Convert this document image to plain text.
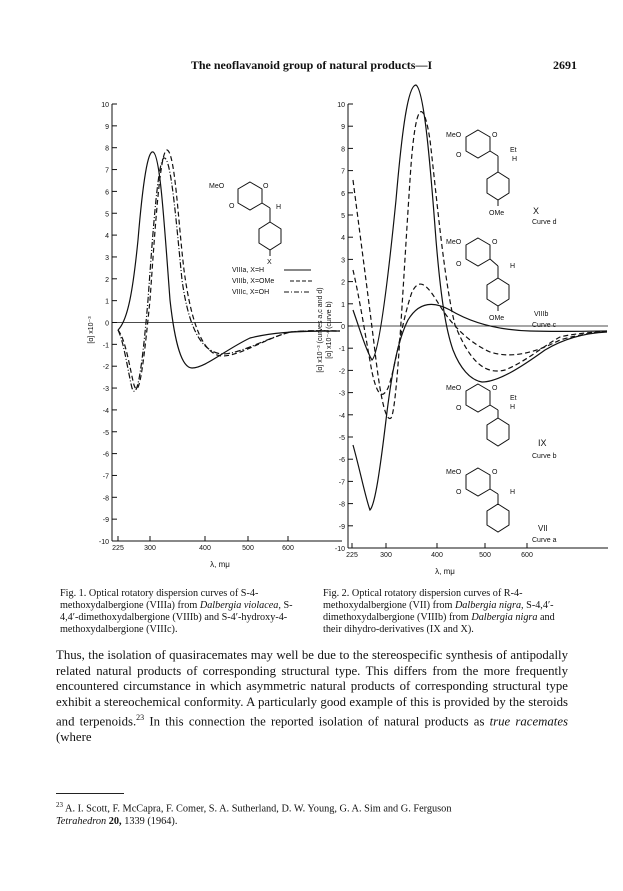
The neoflavanoid group of natural products—I	2691
10
9
8
7
6
5
4
3
2
1
0
-1
-2
-3
-4
-5
-6
-7
-8
-9
-10
225	300	400	500	600
λ, mμ
MeO	O
O	H
X
VIIIa, X=H
VIIIb, X=OMe
VIIIc, X=OH
[α] x10⁻³
10
9
8
7
6
5
4
3
2
1
0
-1
-2
-3
-4
-5
-6
-7
-8
-9
-10
225	300	400	500	600
λ, mμ
MeO	O
O
Et
H
OMe	X
Curve d
MeO	O
O	H
OMe
VIIIb
Curve c
MeO	O
O
Et
H
IX
Curve b
MeO	O
O	H
VII
Curve a
[α] x10⁻³ (curves a,c and d) [α] x10⁻⁴ (curve b)
Fig. 1. Optical rotatory dispersion curves of S-4-methoxydalbergione (VIIIa) from Dalbergia violacea, S-4,4′-dimethoxydalbergione (VIIIb) and S-4′-hydroxy-4-methoxydalbergione (VIIIc).
Fig. 2. Optical rotatory dispersion curves of R-4-methoxydalbergione (VII) from Dalbergia nigra, S-4,4′-dimethoxydalbergione (VIIIb) from Dalbergia nigra and their dihydro-derivatives (IX and X).
Thus, the isolation of quasiracemates may well be due to the stereospecific synthesis of antipodally related natural products of corresponding structural type. This differs from the more frequently encountered circumstance in which asymmetric natural products of corresponding structural type exhibit a stereochemical conformity. A particularly good example of this is provided by the steroids and terpenoids.$^{23}$ In this connection the reported isolation of natural products as true racemates (where
$^{23}$ A. I. Scott, F. McCapra, F. Comer, S. A. Sutherland, D. W. Young, G. A. Sim and G. Ferguson
Tetrahedron 20, 1339 (1964).
